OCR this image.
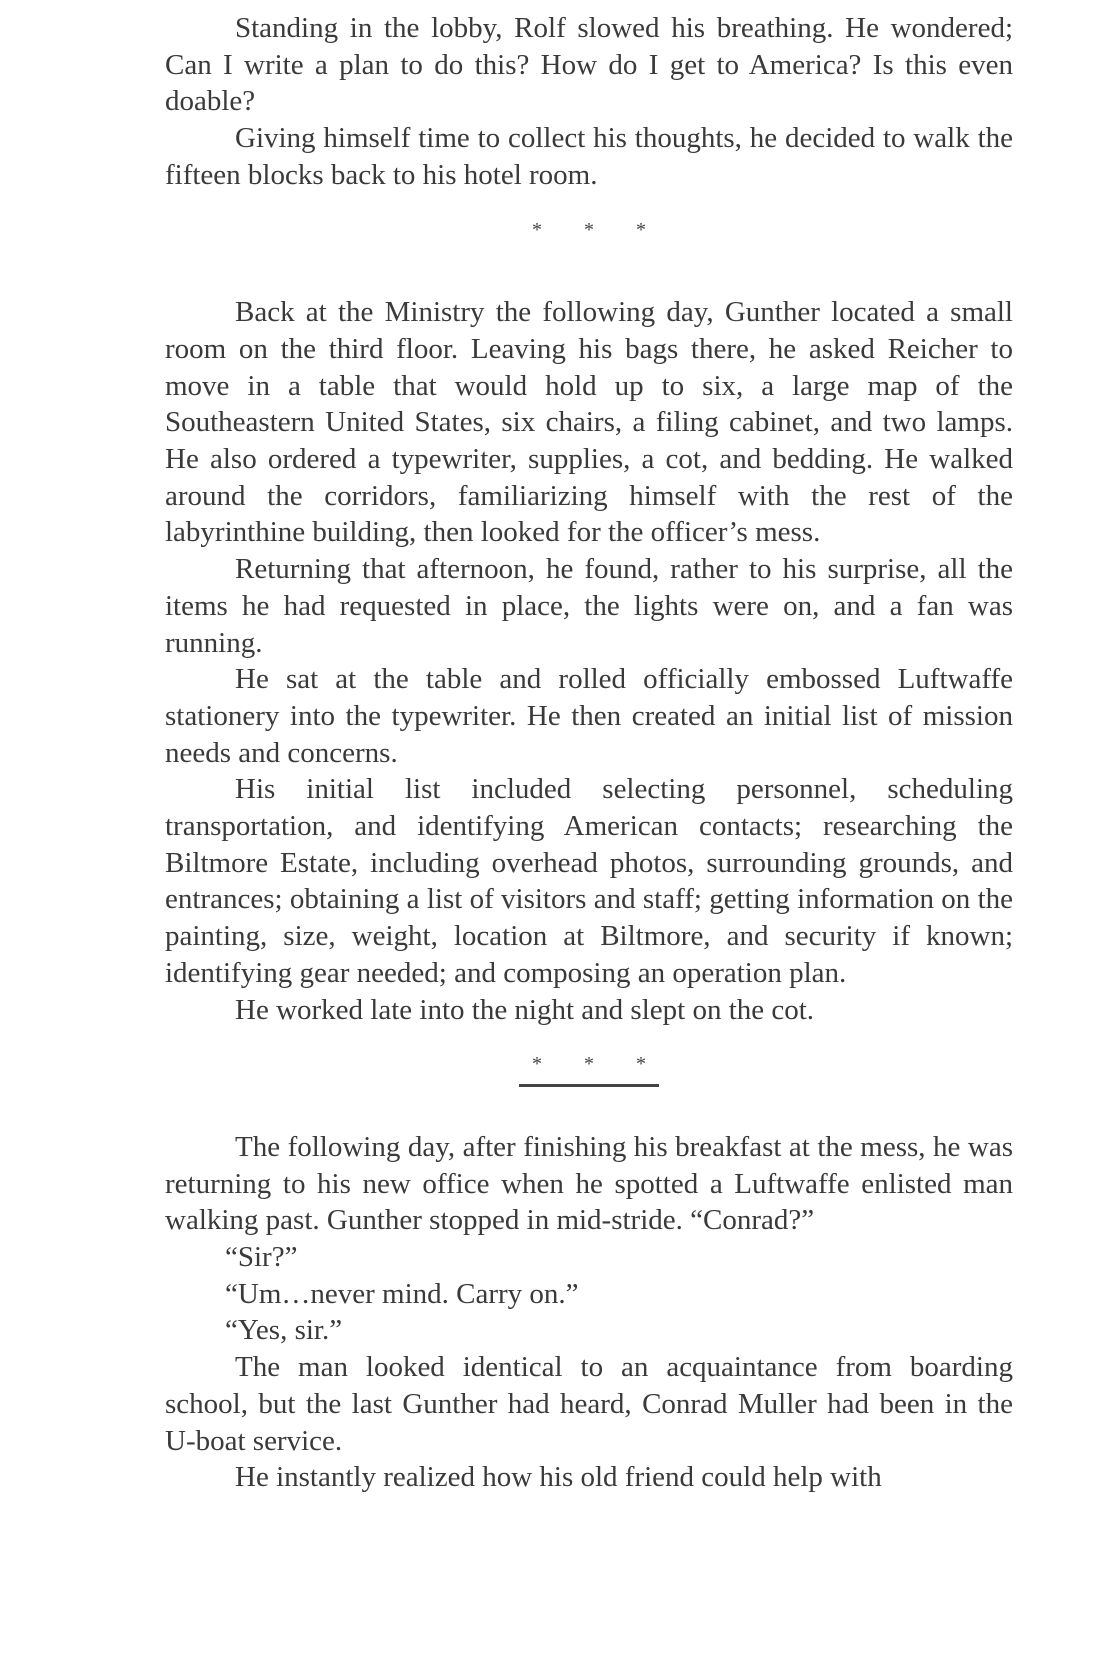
Standing in the lobby, Rolf slowed his breathing. He wondered; Can I write a plan to do this? How do I get to America? Is this even doable?

Giving himself time to collect his thoughts, he decided to walk the fifteen blocks back to his hotel room.

* * *

Back at the Ministry the following day, Gunther located a small room on the third floor. Leaving his bags there, he asked Reicher to move in a table that would hold up to six, a large map of the Southeastern United States, six chairs, a filing cabinet, and two lamps. He also ordered a typewriter, supplies, a cot, and bedding. He walked around the corridors, familiarizing himself with the rest of the labyrinthine building, then looked for the officer’s mess.

Returning that afternoon, he found, rather to his surprise, all the items he had requested in place, the lights were on, and a fan was running.

He sat at the table and rolled officially embossed Luftwaffe stationery into the typewriter. He then created an initial list of mission needs and concerns.

His initial list included selecting personnel, scheduling transportation, and identifying American contacts; researching the Biltmore Estate, including overhead photos, surrounding grounds, and entrances; obtaining a list of visitors and staff; getting information on the painting, size, weight, location at Biltmore, and security if known; identifying gear needed; and composing an operation plan.

He worked late into the night and slept on the cot.

* * *

The following day, after finishing his breakfast at the mess, he was returning to his new office when he spotted a Luftwaffe enlisted man walking past. Gunther stopped in mid-stride. “Conrad?”

“Sir?”

“Um…never mind. Carry on.”

“Yes, sir.”

The man looked identical to an acquaintance from boarding school, but the last Gunther had heard, Conrad Muller had been in the U-boat service.

He instantly realized how his old friend could help with
